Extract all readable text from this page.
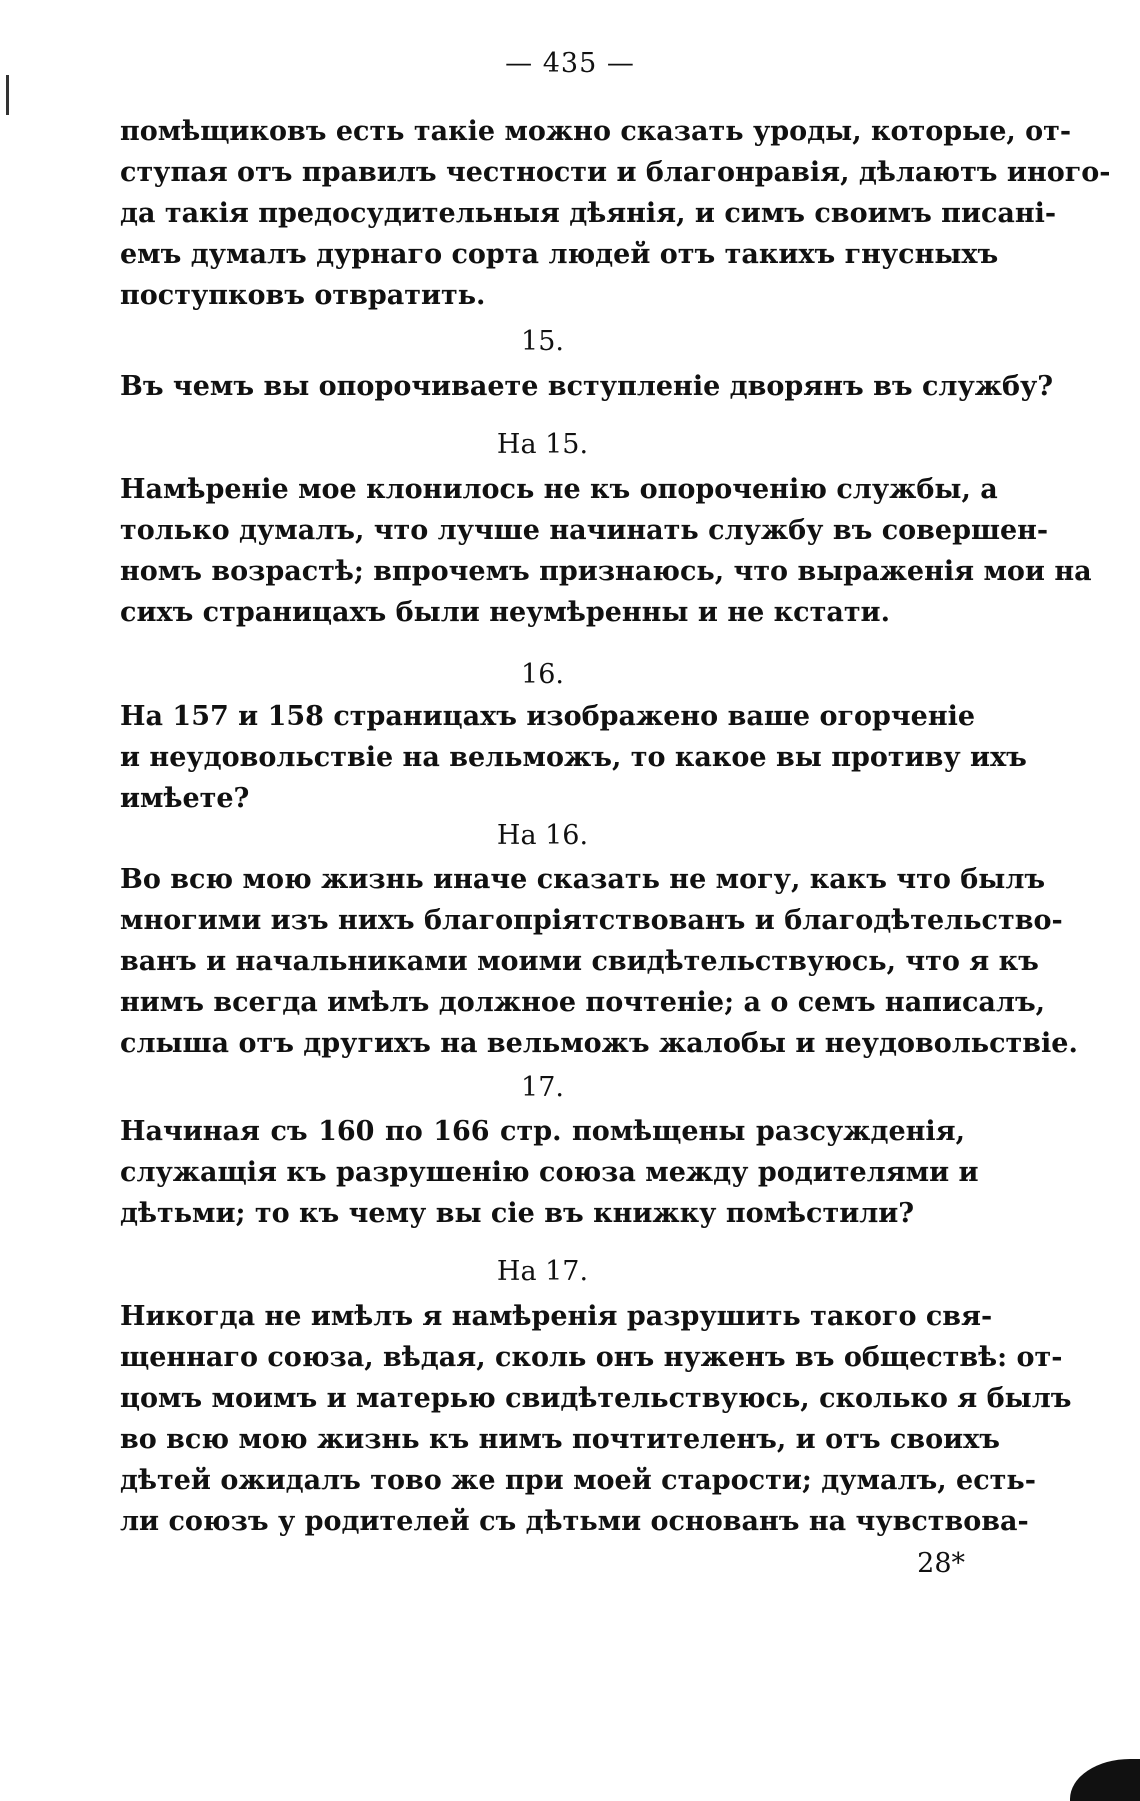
— 435 —
помѣщиковъ есть такіе можно сказать уроды, которые, от-
ступая отъ правилъ честности и благонравія, дѣлаютъ иного-
да такія предосудительныя дѣянія, и симъ своимъ писані-
емъ думалъ дурнаго сорта людей отъ такихъ гнусныхъ
поступковъ отвратить.
15.
Въ чемъ вы опорочиваете вступленіе дворянъ въ службу?
На 15.
Намѣреніе мое клонилось не къ опороченію службы, а
только думалъ, что лучше начинать службу въ совершен-
номъ возрастѣ; впрочемъ признаюсь, что выраженія мои на
сихъ страницахъ были неумѣренны и не кстати.
16.
На 157 и 158 страницахъ изображено ваше огорченіе
и неудовольствіе на вельможъ, то какое вы противу ихъ
имѣете?
На 16.
Во всю мою жизнь иначе сказать не могу, какъ что былъ
многими изъ нихъ благопріятствованъ и благодѣтельство-
ванъ и начальниками моими свидѣтельствуюсь, что я къ
нимъ всегда имѣлъ должное почтеніе; а о семъ написалъ,
слыша отъ другихъ на вельможъ жалобы и неудовольствіе.
17.
Начиная съ 160 по 166 стр. помѣщены разсужденія,
служащія къ разрушенію союза между родителями и
дѣтьми; то къ чему вы сіе въ книжку помѣстили?
На 17.
Никогда не имѣлъ я намѣренія разрушить такого свя-
щеннаго союза, вѣдая, сколь онъ нуженъ въ обществѣ: от-
цомъ моимъ и матерью свидѣтельствуюсь, сколько я былъ
во всю мою жизнь къ нимъ почтителенъ, и отъ своихъ
дѣтей ожидалъ тово же при моей старости; думалъ, есть-
ли союзъ у родителей съ дѣтьми основанъ на чувствова-
28*
